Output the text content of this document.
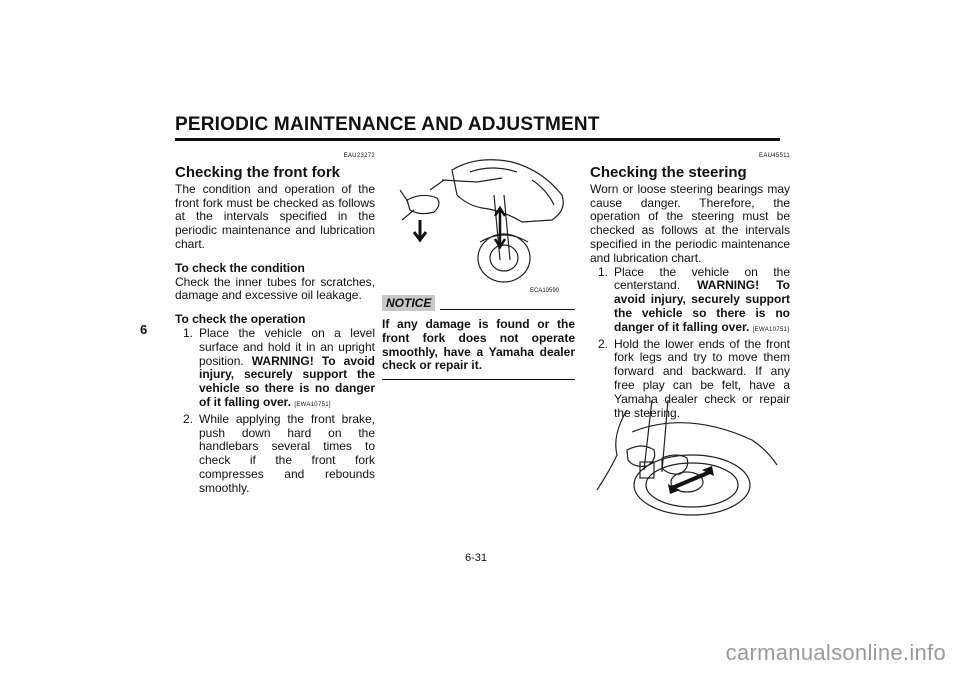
PERIODIC MAINTENANCE AND ADJUSTMENT
6
EAU23272
Checking the front fork

The condition and operation of the front fork must be checked as follows at the intervals specified in the periodic maintenance and lubrication chart.

To check the condition

Check the inner tubes for scratches, damage and excessive oil leakage.

To check the operation

1. Place the vehicle on a level surface and hold it in an upright position. WARNING! To avoid injury, securely support the vehicle so there is no danger of it falling over. [EWA10751]
2. While applying the front brake, push down hard on the handlebars several times to check if the front fork compresses and rebounds smoothly.
ECA10590
NOTICE

If any damage is found or the front fork does not operate smoothly, have a Yamaha dealer check or repair it.

EAU45511
Checking the steering

Worn or loose steering bearings may cause danger. Therefore, the operation of the steering must be checked as follows at the intervals specified in the periodic maintenance and lubrication chart.

1. Place the vehicle on the centerstand. WARNING! To avoid injury, securely support the vehicle so there is no danger of it falling over. [EWA10751]
2. Hold the lower ends of the front fork legs and try to move them forward and backward. If any free play can be felt, have a Yamaha dealer check or repair the steering.
6-31
carmanualsonline.info
